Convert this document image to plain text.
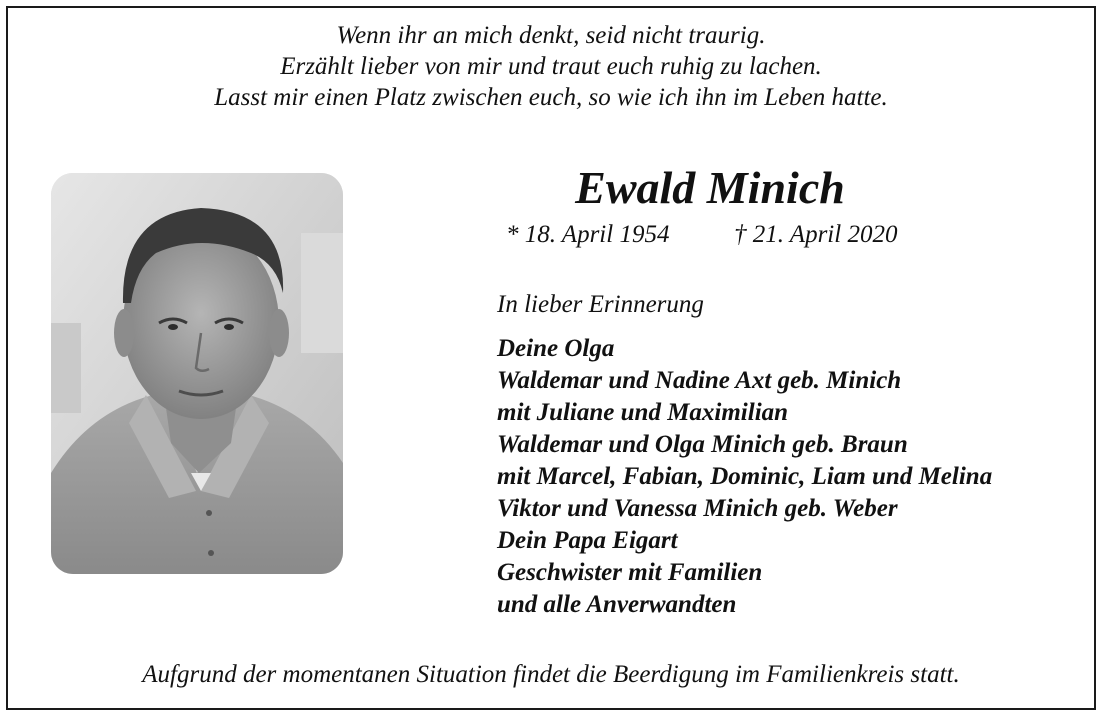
Wenn ihr an mich denkt, seid nicht traurig.
Erzählt lieber von mir und traut euch ruhig zu lachen.
Lasst mir einen Platz zwischen euch, so wie ich ihn im Leben hatte.
Ewald Minich
* 18. April 1954	† 21. April 2020
In lieber Erinnerung
Deine Olga
Waldemar und Nadine Axt geb. Minich
mit Juliane und Maximilian
Waldemar und Olga Minich geb. Braun
mit Marcel, Fabian, Dominic, Liam und Melina
Viktor und Vanessa Minich geb. Weber
Dein Papa Eigart
Geschwister mit Familien
und alle Anverwandten
Aufgrund der momentanen Situation findet die Beerdigung im Familienkreis statt.
